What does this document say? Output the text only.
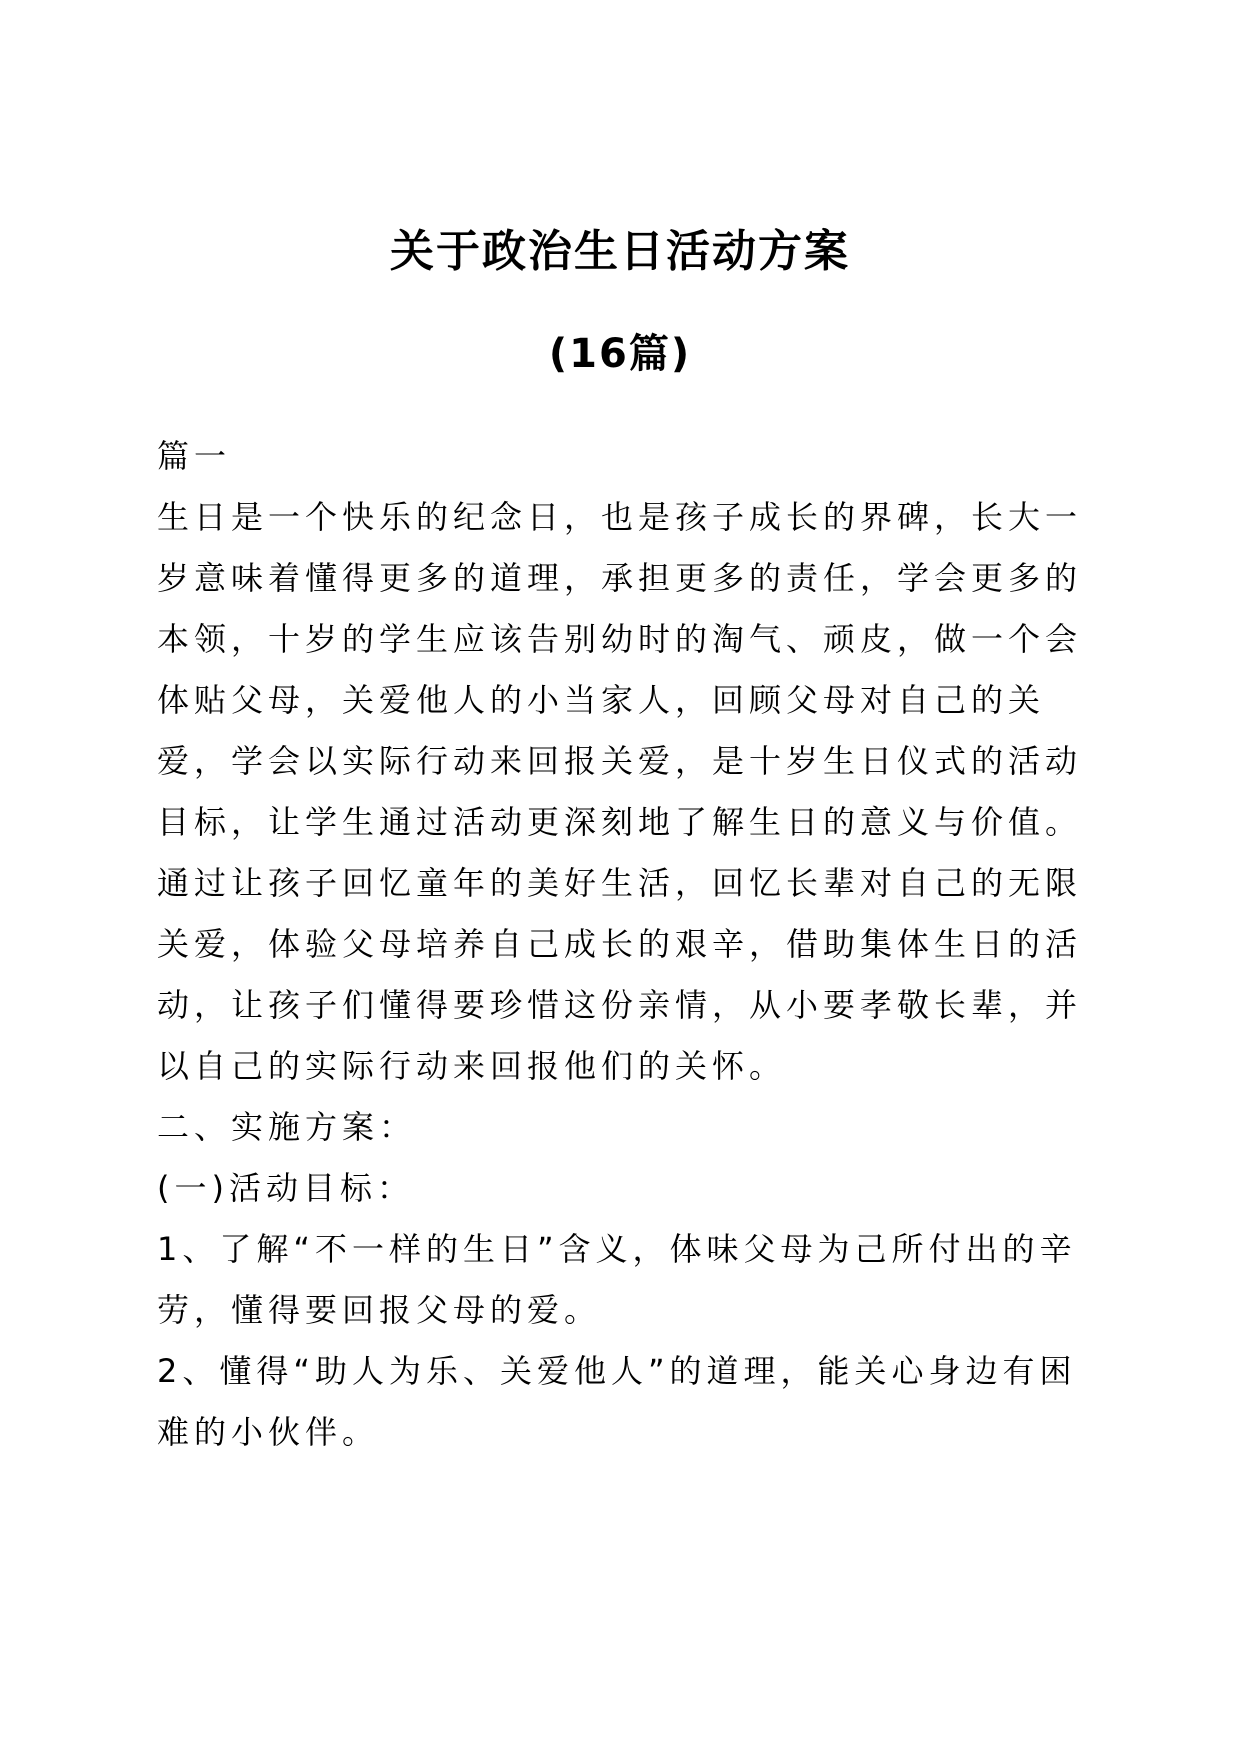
关于政治生日活动方案
(16篇)

篇一

生日是一个快乐的纪念日，也是孩子成长的界碑，长大一岁意味着懂得更多的道理，承担更多的责任，学会更多的本领，十岁的学生应该告别幼时的淘气、顽皮，做一个会体贴父母，关爱他人的小当家人，回顾父母对自己的关爱，学会以实际行动来回报关爱，是十岁生日仪式的活动目标，让学生通过活动更深刻地了解生日的意义与价值。

通过让孩子回忆童年的美好生活，回忆长辈对自己的无限关爱，体验父母培养自己成长的艰辛，借助集体生日的活动，让孩子们懂得要珍惜这份亲情，从小要孝敬长辈，并以自己的实际行动来回报他们的关怀。

二、实施方案：

(一)活动目标：

1、了解“不一样的生日”含义，体味父母为己所付出的辛劳，懂得要回报父母的爱。

2、懂得“助人为乐、关爱他人”的道理，能关心身边有困难的小伙伴。
